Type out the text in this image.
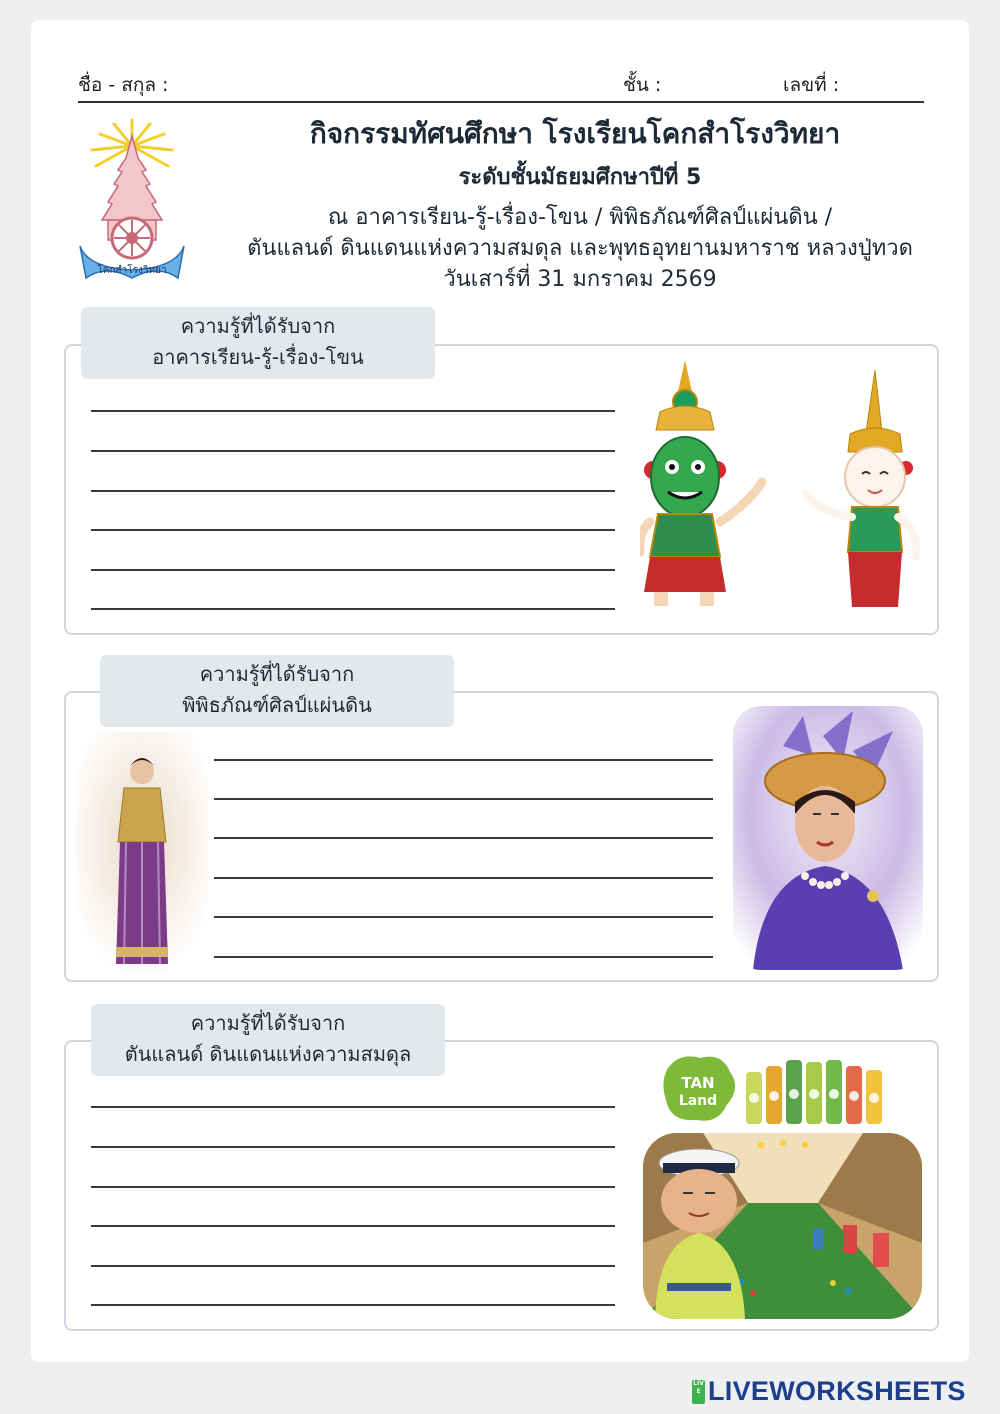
ชื่อ - สกุล :	ชั้น :	เลขที่ :
โคกสำโรงวิทยา
กิจกรรมทัศนศึกษา โรงเรียนโคกสำโรงวิทยา
ระดับชั้นมัธยมศึกษาปีที่ 5
ณ อาคารเรียน-รู้-เรื่อง-โขน / พิพิธภัณฑ์ศิลป์แผ่นดิน /
ตันแลนด์ ดินแดนแห่งความสมดุล และพุทธอุทยานมหาราช หลวงปู่ทวด
วันเสาร์ที่ 31 มกราคม 2569
ความรู้ที่ได้รับจาก
อาคารเรียน-รู้-เรื่อง-โขน
ความรู้ที่ได้รับจาก
พิพิธภัณฑ์ศิลป์แผ่นดิน
ความรู้ที่ได้รับจาก
ตันแลนด์ ดินแดนแห่งความสมดุล
TAN
Land
LIVE LIVEWORKSHEETS
